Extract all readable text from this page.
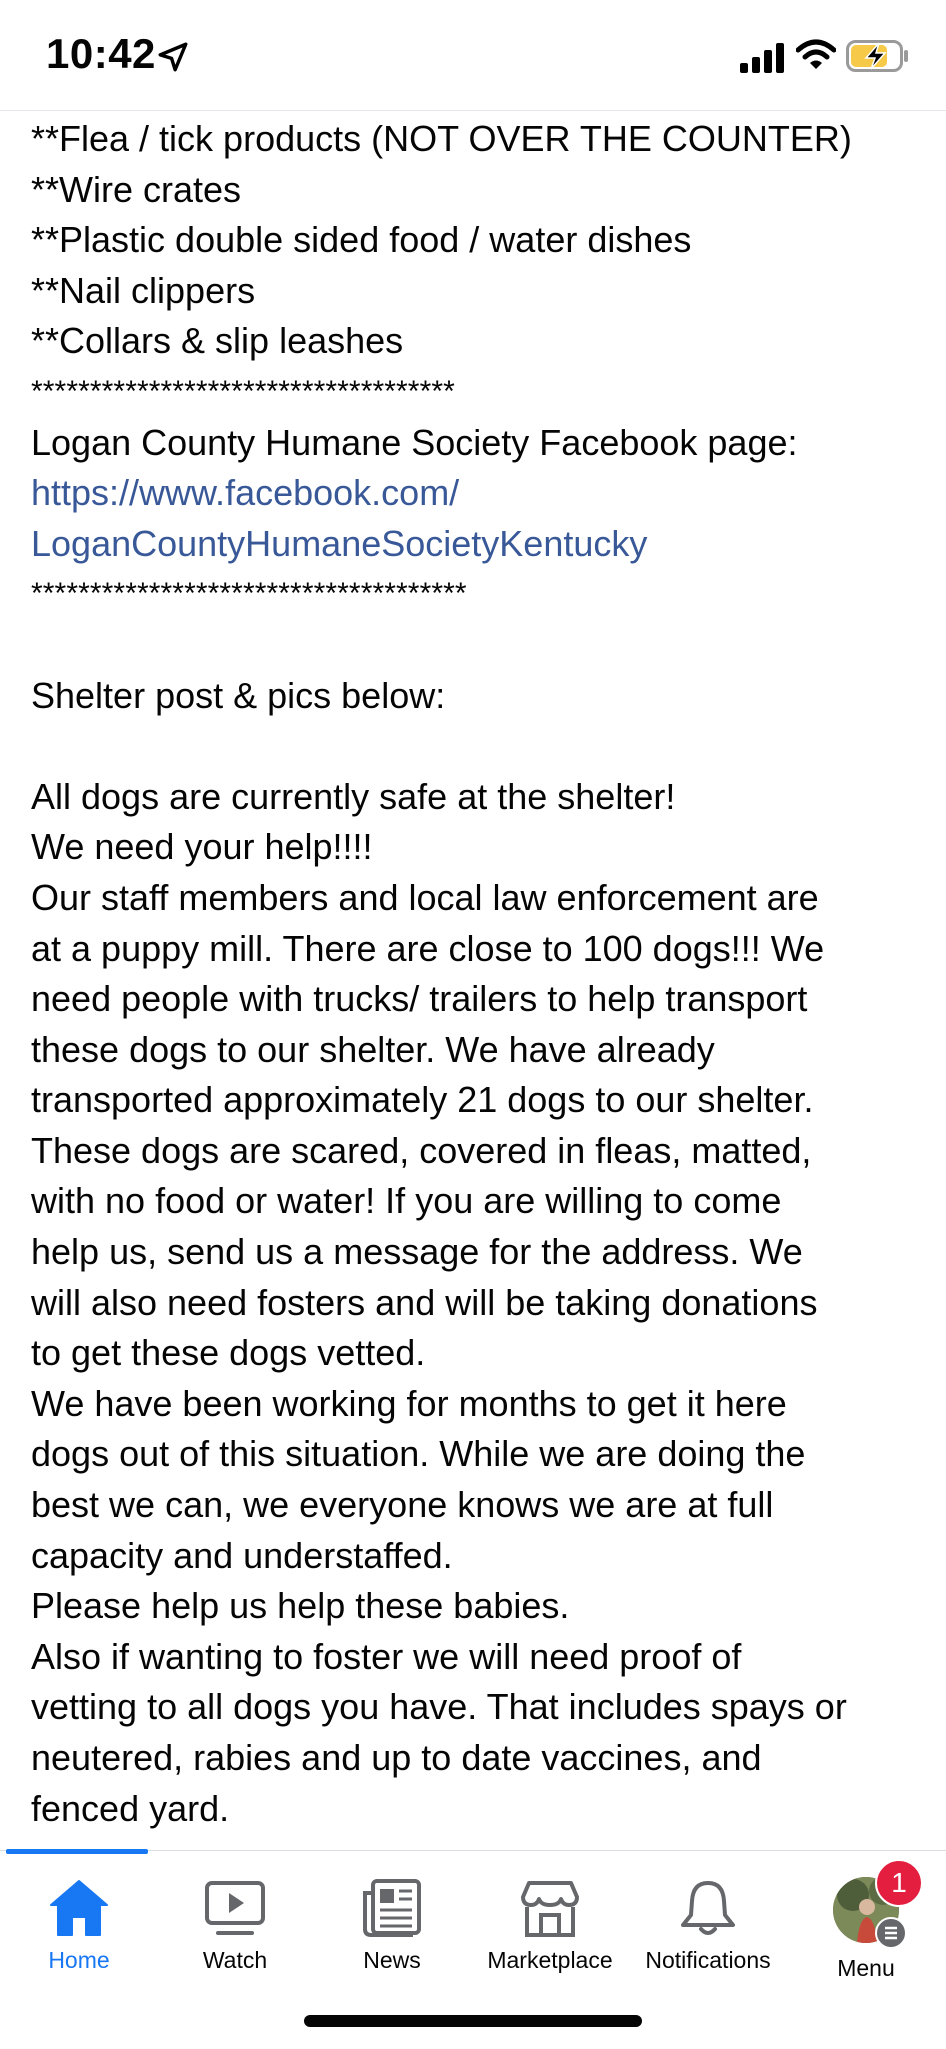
10:42
**Flea / tick products (NOT OVER THE COUNTER)
**Wire crates
**Plastic double sided food / water dishes
**Nail clippers
**Collars & slip leashes
************************************
Logan County Humane Society Facebook page:
https://www.facebook.com/
LoganCountyHumaneSocietyKentucky
*************************************
Shelter post & pics below:
All dogs are currently safe at the shelter!
We need your help!!!!
Our staff members and local law enforcement are
at a puppy mill. There are close to 100 dogs!!! We
need people with trucks/ trailers to help transport
these dogs to our shelter. We have already
transported approximately 21 dogs to our shelter.
These dogs are scared, covered in fleas, matted,
with no food or water! If you are willing to come
help us, send us a message for the address. We
will also need fosters and will be taking donations
to get these dogs vetted.
We have been working for months to get it here
dogs out of this situation. While we are doing the
best we can, we everyone knows we are at full
capacity and understaffed.
Please help us help these babies.
Also if wanting to foster we will need proof of
vetting to all dogs you have. That includes spays or
neutered, rabies and up to date vaccines, and
fenced yard.
Home	Watch	News	Marketplace	Notifications
1
Menu
